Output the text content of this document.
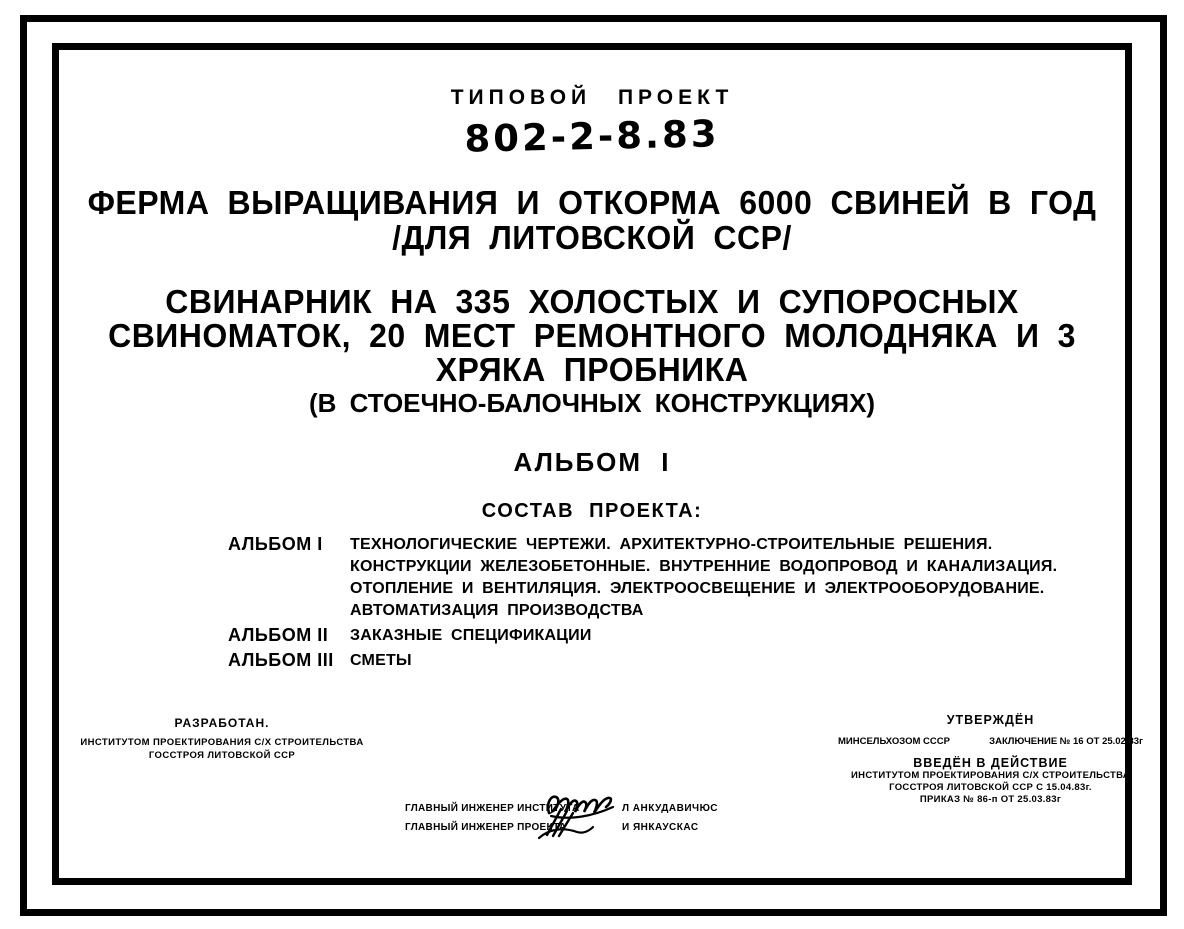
ТИПОВОЙ ПРОЕКТ
802-2-8.83
ФЕРМА ВЫРАЩИВАНИЯ И ОТКОРМА 6000 СВИНЕЙ В ГОД
/ДЛЯ ЛИТОВСКОЙ ССР/
СВИНАРНИК НА 335 ХОЛОСТЫХ И СУПОРОСНЫХ
СВИНОМАТОК, 20 МЕСТ РЕМОНТНОГО МОЛОДНЯКА И 3
ХРЯКА ПРОБНИКА
(В СТОЕЧНО-БАЛОЧНЫХ КОНСТРУКЦИЯХ)
АЛЬБОМ I
СОСТАВ ПРОЕКТА:
АЛЬБОМ I	ТЕХНОЛОГИЧЕСКИЕ ЧЕРТЕЖИ. АРХИТЕКТУРНО-СТРОИТЕЛЬНЫЕ РЕШЕНИЯ.
КОНСТРУКЦИИ ЖЕЛЕЗОБЕТОННЫЕ. ВНУТРЕННИЕ ВОДОПРОВОД И КАНАЛИЗАЦИЯ.
ОТОПЛЕНИЕ И ВЕНТИЛЯЦИЯ. ЭЛЕКТРООСВЕЩЕНИЕ И ЭЛЕКТРООБОРУДОВАНИЕ.
АВТОМАТИЗАЦИЯ ПРОИЗВОДСТВА
АЛЬБОМ II	ЗАКАЗНЫЕ СПЕЦИФИКАЦИИ
АЛЬБОМ III	СМЕТЫ
РАЗРАБОТАН.
ИНСТИТУТОМ ПРОЕКТИРОВАНИЯ С/Х СТРОИТЕЛЬСТВА
ГОССТРОЯ ЛИТОВСКОЙ ССР
УТВЕРЖДЁН
МИНСЕЛЬХОЗОМ СССР	ЗАКЛЮЧЕНИЕ № 16 ОТ 25.02.83г
ВВЕДЁН В ДЕЙСТВИЕ
ИНСТИТУТОМ ПРОЕКТИРОВАНИЯ С/Х СТРОИТЕЛЬСТВА
ГОССТРОЯ ЛИТОВСКОЙ ССР С 15.04.83г.
ПРИКАЗ № 86-п ОТ 25.03.83г
ГЛАВНЫЙ ИНЖЕНЕР ИНСТИТУТА	Л АНКУДАВИЧЮС
ГЛАВНЫЙ ИНЖЕНЕР ПРОЕКТА	И ЯНКАУСКАС
